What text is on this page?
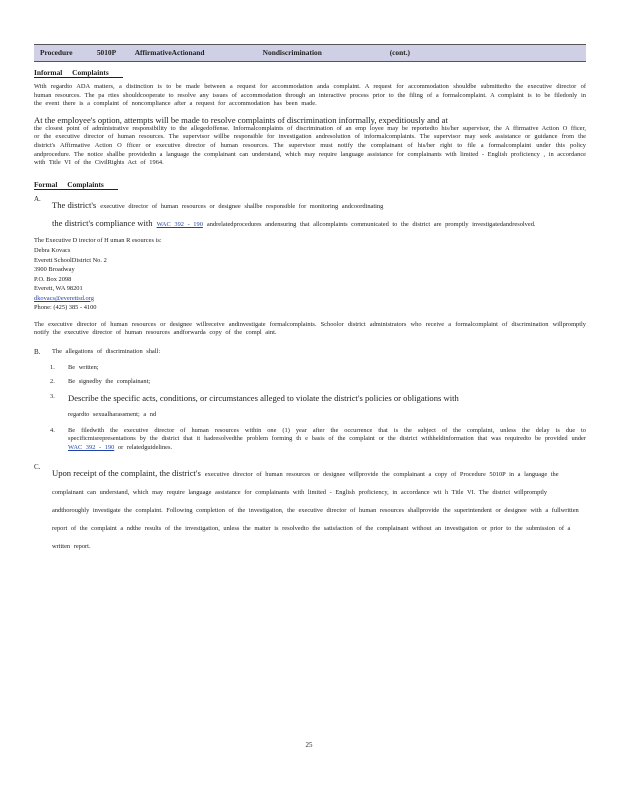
Procedure	5010P	AffirmativeActionand	Nondiscrimination	(cont.)
Informal Complaints

With regardto ADA matters, a distinction is to be made between a request for accommodation anda complaint. A request for accommodation shouldbe submittedto the executive director of human resources. The pa rties shouldcooperate to resolve any issues of accommodation through an interactive process prior to the filing of a formalcomplaint. A complaint is to be filedonly in the event there is a complaint of noncompliance after a request for accommodation has been made.

At the employee's option, attempts will be made to resolve complaints of discrimination informally, expeditiously and at
the closest point of administrative responsibility to the allegedoffense. Informalcomplaints of discrimination of an emp loyee may be reportedto his/her supervisor, the A ffirmative Action O fficer, or the executive director of human resources. The supervisor willbe responsible for investigation andresolution of informalcomplaints. The supervisor may seek assistance or guidance from the district's Affirmative Action O fficer or executive director of human resources. The supervisor must notify the complainant of his/her right to file a formalcomplaint under this policy andprocedure. The notice shallbe providedin a language the complainant can understand, which may require language assistance for complainants with limited - English proficiency , in accordance with Title VI of the CivilRights Act of 1964.

Formal Complaints
A.
The district's executive director of human resources or designee shallbe responsible for monitoring andcoordinating
the district's compliance with WAC 392 - 190 andrelatedprocedures andensuring that allcomplaints communicated to the district are promptly investigatedandresolved.
The Executive D irector of H uman R esources is:
Debra Kovacs
Everett SchoolDistrict No. 2
3900 Broadway
P.O. Box 2098
Everett, WA 98201
dkovacs@everettsd.org
Phone: (425) 385 - 4100

The executive director of human resources or designee willreceive andinvestigate formalcomplaints. Schoolor district administrators who receive a formalcomplaint of discrimination willpromptly notify the executive director of human resources andforwarda copy of the compl aint.

B.	The allegations of discrimination shall:
1.	Be written;
2.	Be signedby the complainant;
3.	Describe the specific acts, conditions, or circumstances alleged to violate the district's policies or obligations with
regardto sexualharassment; a nd
4.	Be filedwith the executive director of human resources within one (1) year after the occurrence that is the subject of the complaint, unless the delay is due to specificmisrepresentations by the district that it hadresolvedthe problem forming th e basis of the complaint or the district withheldinformation that was requiredto be provided under WAC 392 - 190 or relatedguidelines.
C.
Upon receipt of the complaint, the district's executive director of human resources or designee willprovide the complainant a copy of Procedure 5010P in a language the complainant can understand, which may require language assistance for complainants with limited - English proficiency, in accordance wit h Title VI. The district willpromptly andthoroughly investigate the complaint. Following completion of the investigation, the executive director of human resources shallprovide the superintendent or designee with a fullwritten report of the complaint a ndthe results of the investigation, unless the matter is resolvedto the satisfaction of the complainant without an investigation or prior to the submission of a written report.
25
